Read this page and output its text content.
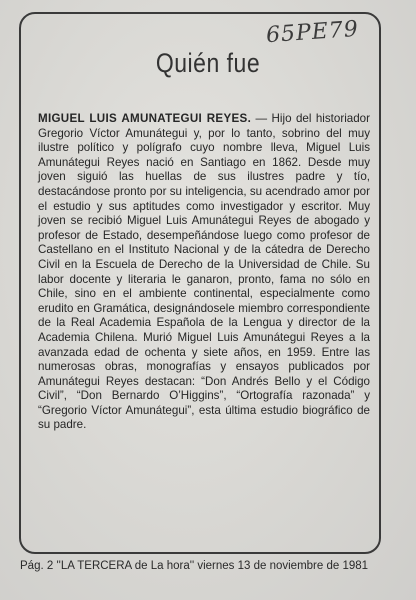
65PE79
Quién fue
MIGUEL LUIS AMUNATEGUI REYES. — Hijo del historiador Gregorio Víctor Amunátegui y, por lo tanto, sobrino del muy ilustre político y polígrafo cuyo nombre lleva, Miguel Luis Amunátegui Reyes nació en Santiago en 1862. Desde muy joven siguió las huellas de sus ilustres padre y tío, destacándose pronto por su inteligencia, su acendrado amor por el estudio y sus aptitudes como investigador y escritor. Muy joven se recibió Miguel Luis Amunátegui Reyes de abogado y profesor de Estado, desempeñándose luego como profesor de Castellano en el Instituto Nacional y de la cátedra de Derecho Civil en la Escuela de Derecho de la Universidad de Chile. Su labor docente y literaria le ganaron, pronto, fama no sólo en Chile, sino en el ambiente continental, especialmente como erudito en Gramática, designándosele miembro correspondiente de la Real Academia Española de la Lengua y director de la Academia Chilena. Murió Miguel Luis Amunátegui Reyes a la avanzada edad de ochenta y siete años, en 1959. Entre las numerosas obras, monografías y ensayos publicados por Amunátegui Reyes destacan: “Don Andrés Bello y el Código Civil”, “Don Bernardo O’Higgins”, “Ortografía razonada” y “Gregorio Víctor Amunátegui”, esta última estudio biográfico de su padre.
Pág. 2 ''LA TERCERA de La hora'' viernes 13 de noviembre de 1981
